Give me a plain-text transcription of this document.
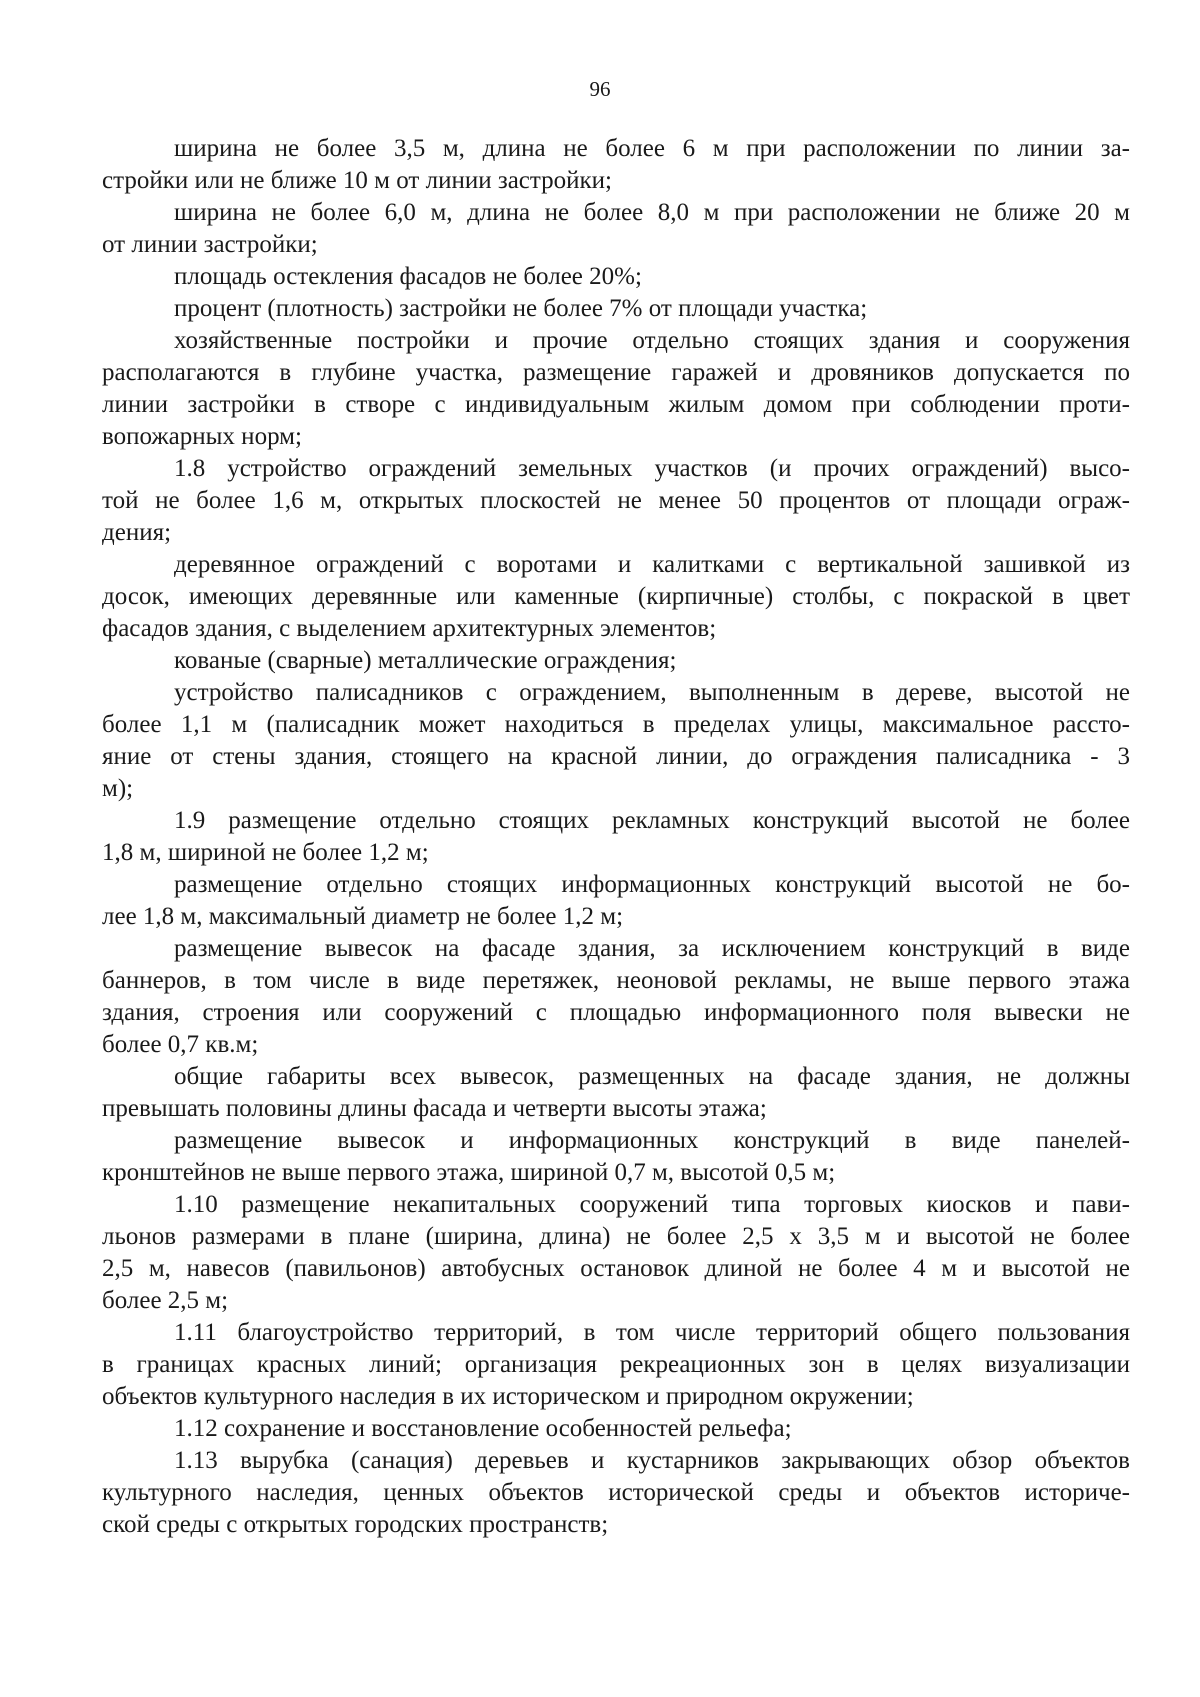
96
ширина не более 3,5 м, длина не более 6 м при расположении по линии за-
стройки или не ближе 10 м от линии застройки;
ширина не более 6,0 м, длина не более 8,0 м при расположении не ближе 20 м
от линии застройки;
площадь остекления фасадов не более 20%;
процент (плотность) застройки не более 7% от площади участка;
хозяйственные постройки и прочие отдельно стоящих здания и сооружения
располагаются в глубине участка, размещение гаражей и дровяников допускается по
линии застройки в створе с индивидуальным жилым домом при соблюдении проти-
вопожарных норм;
1.8 устройство ограждений земельных участков (и прочих ограждений) высо-
той не более 1,6 м, открытых плоскостей не менее 50 процентов от площади ограж-
дения;
деревянное ограждений с воротами и калитками с вертикальной зашивкой из
досок, имеющих деревянные или каменные (кирпичные) столбы, с покраской в цвет
фасадов здания, с выделением архитектурных элементов;
кованые (сварные) металлические ограждения;
устройство палисадников с ограждением, выполненным в дереве, высотой не
более 1,1 м (палисадник может находиться в пределах улицы, максимальное рассто-
яние от стены здания, стоящего на красной линии, до ограждения палисадника - 3
м);
1.9 размещение отдельно стоящих рекламных конструкций высотой не более
1,8 м, шириной не более 1,2 м;
размещение отдельно стоящих информационных конструкций высотой не бо-
лее 1,8 м, максимальный диаметр не более 1,2 м;
размещение вывесок на фасаде здания, за исключением конструкций в виде
баннеров, в том числе в виде перетяжек, неоновой рекламы, не выше первого этажа
здания, строения или сооружений с площадью информационного поля вывески не
более 0,7 кв.м;
общие габариты всех вывесок, размещенных на фасаде здания, не должны
превышать половины длины фасада и четверти высоты этажа;
размещение вывесок и информационных конструкций в виде панелей-
кронштейнов не выше первого этажа, шириной 0,7 м, высотой 0,5 м;
1.10 размещение некапитальных сооружений типа торговых киосков и пави-
льонов размерами в плане (ширина, длина) не более 2,5 х 3,5 м и высотой не более
2,5 м, навесов (павильонов) автобусных остановок длиной не более 4 м и высотой не
более 2,5 м;
1.11 благоустройство территорий, в том числе территорий общего пользования
в границах красных линий; организация рекреационных зон в целях визуализации
объектов культурного наследия в их историческом и природном окружении;
1.12 сохранение и восстановление особенностей рельефа;
1.13 вырубка (санация) деревьев и кустарников закрывающих обзор объектов
культурного наследия, ценных объектов исторической среды и объектов историче-
ской среды с открытых городских пространств;
